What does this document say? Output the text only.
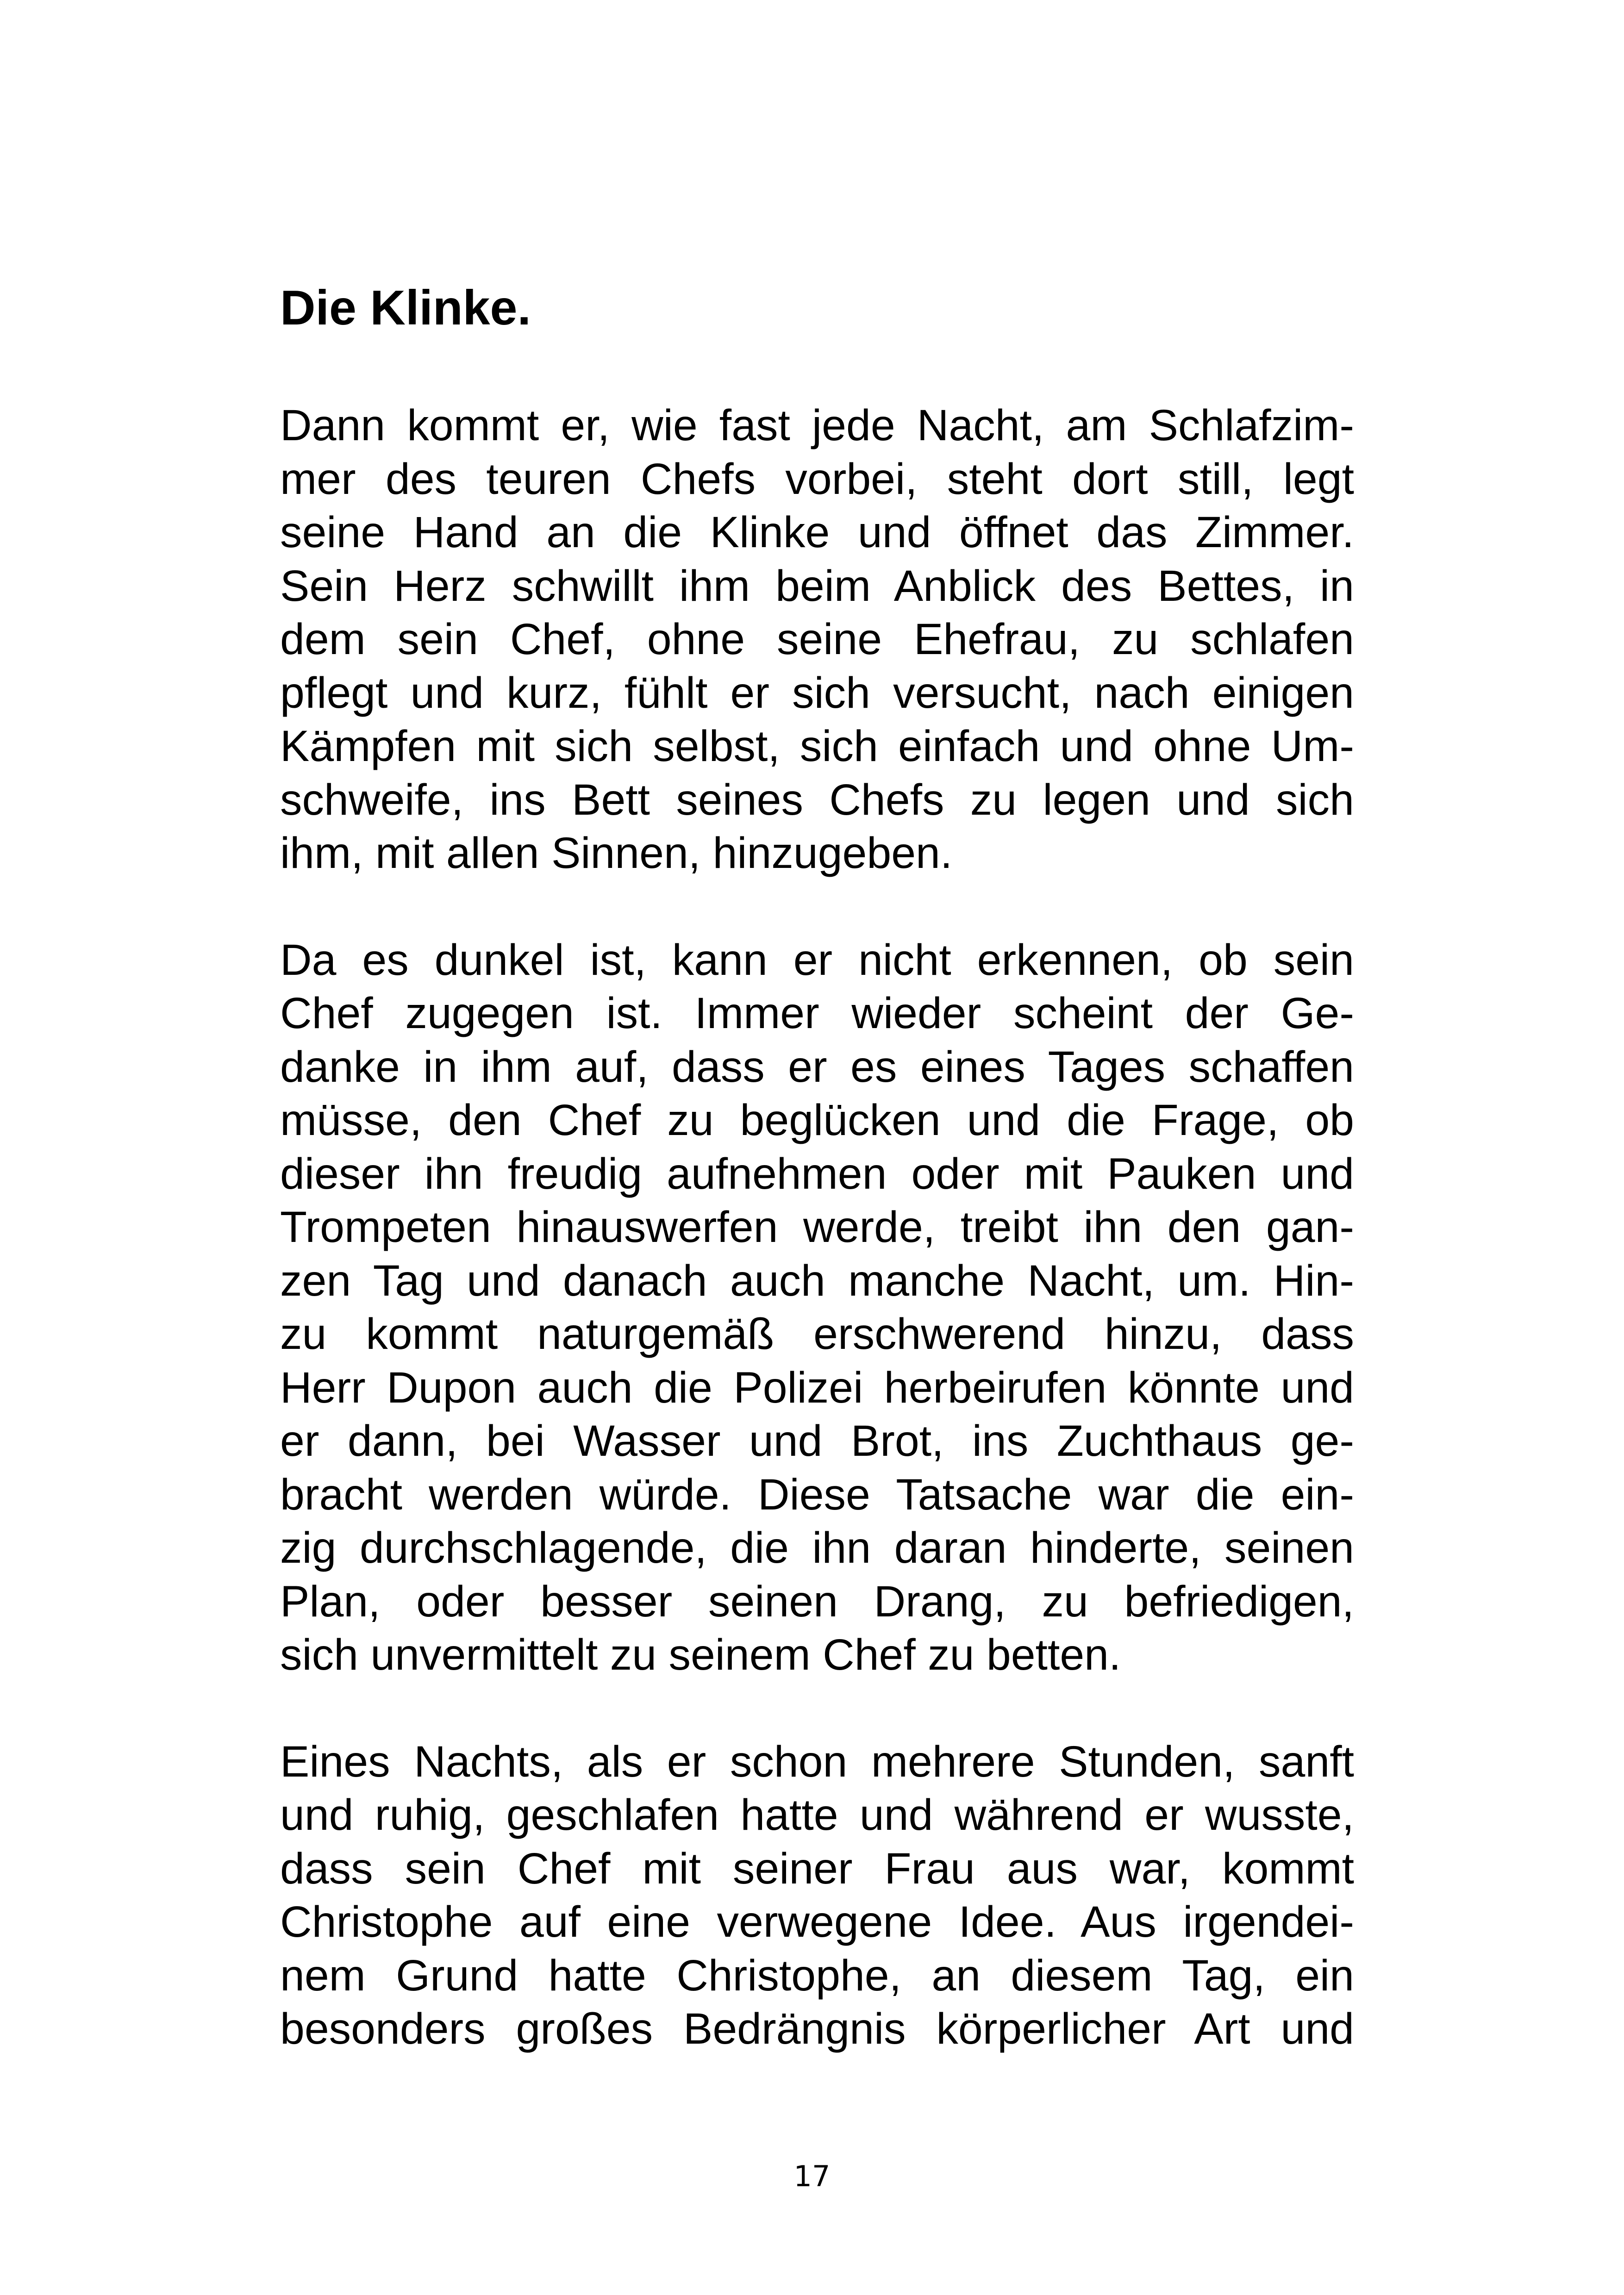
Die Klinke.

Dann kommt er, wie fast jede Nacht, am Schlafzim-
mer des teuren Chefs vorbei, steht dort still, legt
seine Hand an die Klinke und öffnet das Zimmer.
Sein Herz schwillt ihm beim Anblick des Bettes, in
dem sein Chef, ohne seine Ehefrau, zu schlafen
pflegt und kurz, fühlt er sich versucht, nach einigen
Kämpfen mit sich selbst, sich einfach und ohne Um-
schweife, ins Bett seines Chefs zu legen und sich
ihm, mit allen Sinnen, hinzugeben.

Da es dunkel ist, kann er nicht erkennen, ob sein
Chef zugegen ist. Immer wieder scheint der Ge-
danke in ihm auf, dass er es eines Tages schaffen
müsse, den Chef zu beglücken und die Frage, ob
dieser ihn freudig aufnehmen oder mit Pauken und
Trompeten hinauswerfen werde, treibt ihn den gan-
zen Tag und danach auch manche Nacht, um. Hin-
zu kommt naturgemäß erschwerend hinzu, dass
Herr Dupon auch die Polizei herbeirufen könnte und
er dann, bei Wasser und Brot, ins Zuchthaus ge-
bracht werden würde. Diese Tatsache war die ein-
zig durchschlagende, die ihn daran hinderte, seinen
Plan, oder besser seinen Drang, zu befriedigen,
sich unvermittelt zu seinem Chef zu betten.

Eines Nachts, als er schon mehrere Stunden, sanft
und ruhig, geschlafen hatte und während er wusste,
dass sein Chef mit seiner Frau aus war, kommt
Christophe auf eine verwegene Idee. Aus irgendei-
nem Grund hatte Christophe, an diesem Tag, ein
besonders großes Bedrängnis körperlicher Art und

17
